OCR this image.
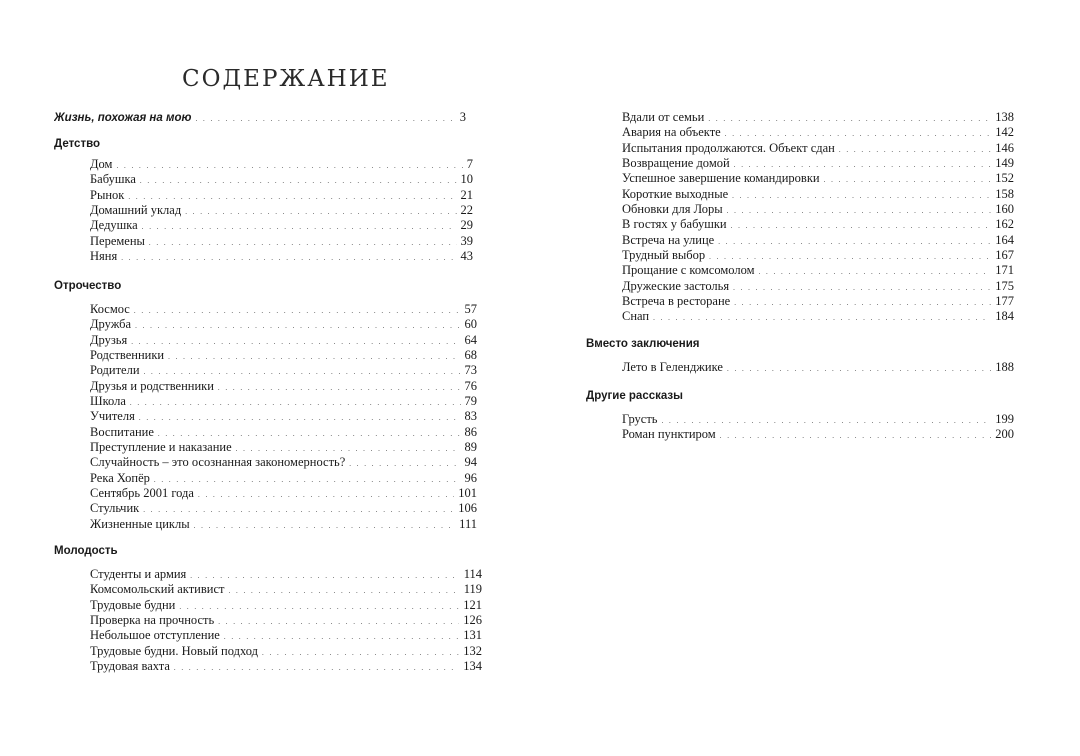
СОДЕРЖАНИЕ
Жизнь, похожая на мою . . .	3
Детство
Дом . . .	7
Бабушка . . .	10
Рынок . . .	21
Домашний уклад . . .	22
Дедушка . . .	29
Перемены . . .	39
Няня . . .	43
Отрочество
Космос . . .	57
Дружба . . .	60
Друзья . . .	64
Родственники . . .	68
Родители . . .	73
Друзья и родственники . . .	76
Школа . . .	79
Учителя . . .	83
Воспитание . . .	86
Преступление и наказание . . .	89
Случайность – это осознанная закономерность? . . .	94
Река Хопёр . . .	96
Сентябрь 2001 года . . .	101
Стульчик . . .	106
Жизненные циклы . . .	111
Молодость
Студенты и армия . . .	114
Комсомольский активист . . .	119
Трудовые будни . . .	121
Проверка на прочность . . .	126
Небольшое отступление . . .	131
Трудовые будни. Новый подход . . .	132
Трудовая вахта . . .	134
Вдали от семьи . . .	138
Авария на объекте . . .	142
Испытания продолжаются. Объект сдан . . .	146
Возвращение домой . . .	149
Успешное завершение командировки . . .	152
Короткие выходные . . .	158
Обновки для Лоры . . .	160
В гостях у бабушки . . .	162
Встреча на улице . . .	164
Трудный выбор . . .	167
Прощание с комсомолом . . .	171
Дружеские застолья . . .	175
Встреча в ресторане . . .	177
Снап . . .	184
Вместо заключения
Лето в Геленджике . . .	188
Другие рассказы
Грусть . . .	199
Роман пунктиром . . .	200
